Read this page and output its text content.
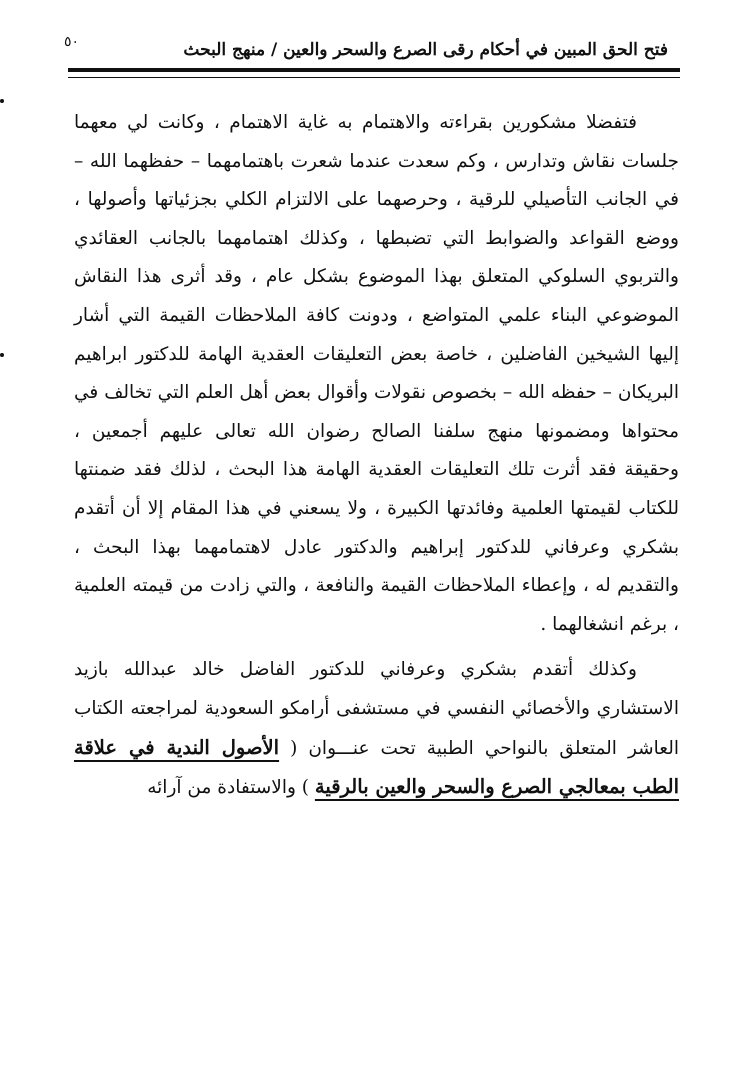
٥٠	فتح الحق المبين في أحكام رقى الصرع والسحر والعين / منهج البحث

فتفضلا مشكورين بقراءته والاهتمام به غاية الاهتمام ، وكانت لي معهما جلسات نقاش وتدارس ، وكم سعدت عندما شعرت باهتمامهما – حفظهما الله – في الجانب التأصيلي للرقية ، وحرصهما على الالتزام الكلي بجزئياتها وأصولها ، ووضع القواعد والضوابط التي تضبطها ، وكذلك اهتمامهما بالجانب العقائدي والتربوي السلوكي المتعلق بهذا الموضوع بشكل عام ، وقد أثرى هذا النقاش الموضوعي البناء علمي المتواضع ، ودونت كافة الملاحظات القيمة التي أشار إليها الشيخين الفاضلين ، خاصة بعض التعليقات العقدية الهامة للدكتور ابراهيم البريكان – حفظه الله – بخصوص نقولات وأقوال بعض أهل العلم التي تخالف في محتواها ومضمونها منهج سلفنا الصالح رضوان الله تعالى عليهم أجمعين ، وحقيقة فقد أثرت تلك التعليقات العقدية الهامة هذا البحث ، لذلك فقد ضمنتها للكتاب لقيمتها العلمية وفائدتها الكبيرة ، ولا يسعني في هذا المقام إلا أن أتقدم بشكري وعرفاني للدكتور إبراهيم والدكتور عادل لاهتمامهما بهذا البحث ، والتقديم له ، وإعطاء الملاحظات القيمة والنافعة ، والتي زادت من قيمته العلمية ، برغم انشغالهما .

وكذلك أتقدم بشكري وعرفاني للدكتور الفاضل خالد عبدالله بازيد الاستشاري والأخصائي النفسي في مستشفى أرامكو السعودية لمراجعته الكتاب العاشر المتعلق بالنواحي الطبية تحت عنـــوان ( الأصول الندية في علاقة الطب بمعالجي الصرع والسحر والعين بالرقية ) والاستفادة من آرائه
